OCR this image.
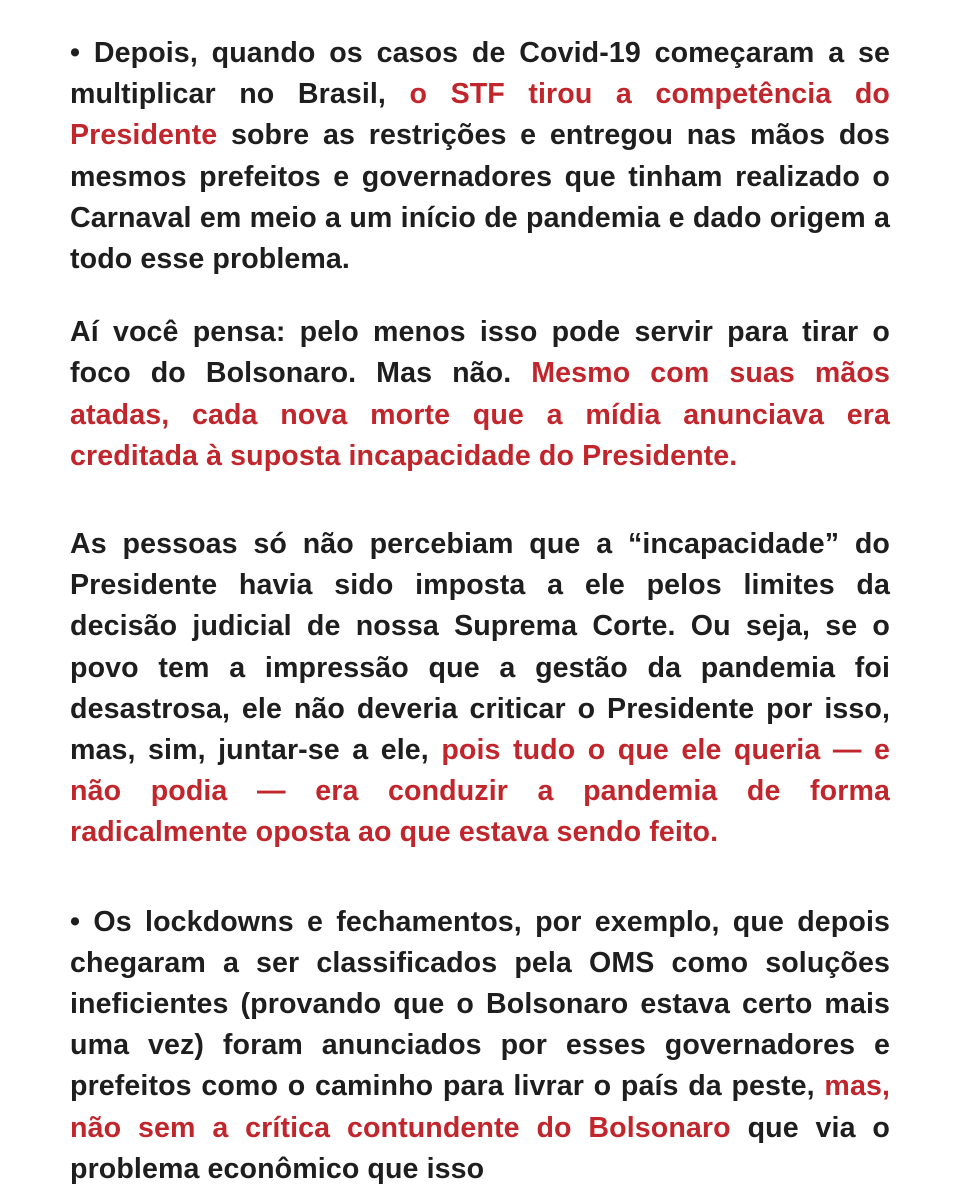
• Depois, quando os casos de Covid-19 começaram a se multiplicar no Brasil, o STF tirou a competência do Presidente sobre as restrições e entregou nas mãos dos mesmos prefeitos e governadores que tinham realizado o Carnaval em meio a um início de pandemia e dado origem a todo esse problema.

Aí você pensa: pelo menos isso pode servir para tirar o foco do Bolsonaro. Mas não. Mesmo com suas mãos atadas, cada nova morte que a mídia anunciava era creditada à suposta incapacidade do Presidente.

As pessoas só não percebiam que a “incapacidade” do Presidente havia sido imposta a ele pelos limites da decisão judicial de nossa Suprema Corte. Ou seja, se o povo tem a impressão que a gestão da pandemia foi desastrosa, ele não deveria criticar o Presidente por isso, mas, sim, juntar-se a ele, pois tudo o que ele queria — e não podia — era conduzir a pandemia de forma radicalmente oposta ao que estava sendo feito.

• Os lockdowns e fechamentos, por exemplo, que depois chegaram a ser classificados pela OMS como soluções ineficientes (provando que o Bolsonaro estava certo mais uma vez) foram anunciados por esses governadores e prefeitos como o caminho para livrar o país da peste, mas, não sem a crítica contundente do Bolsonaro que via o problema econômico que isso
